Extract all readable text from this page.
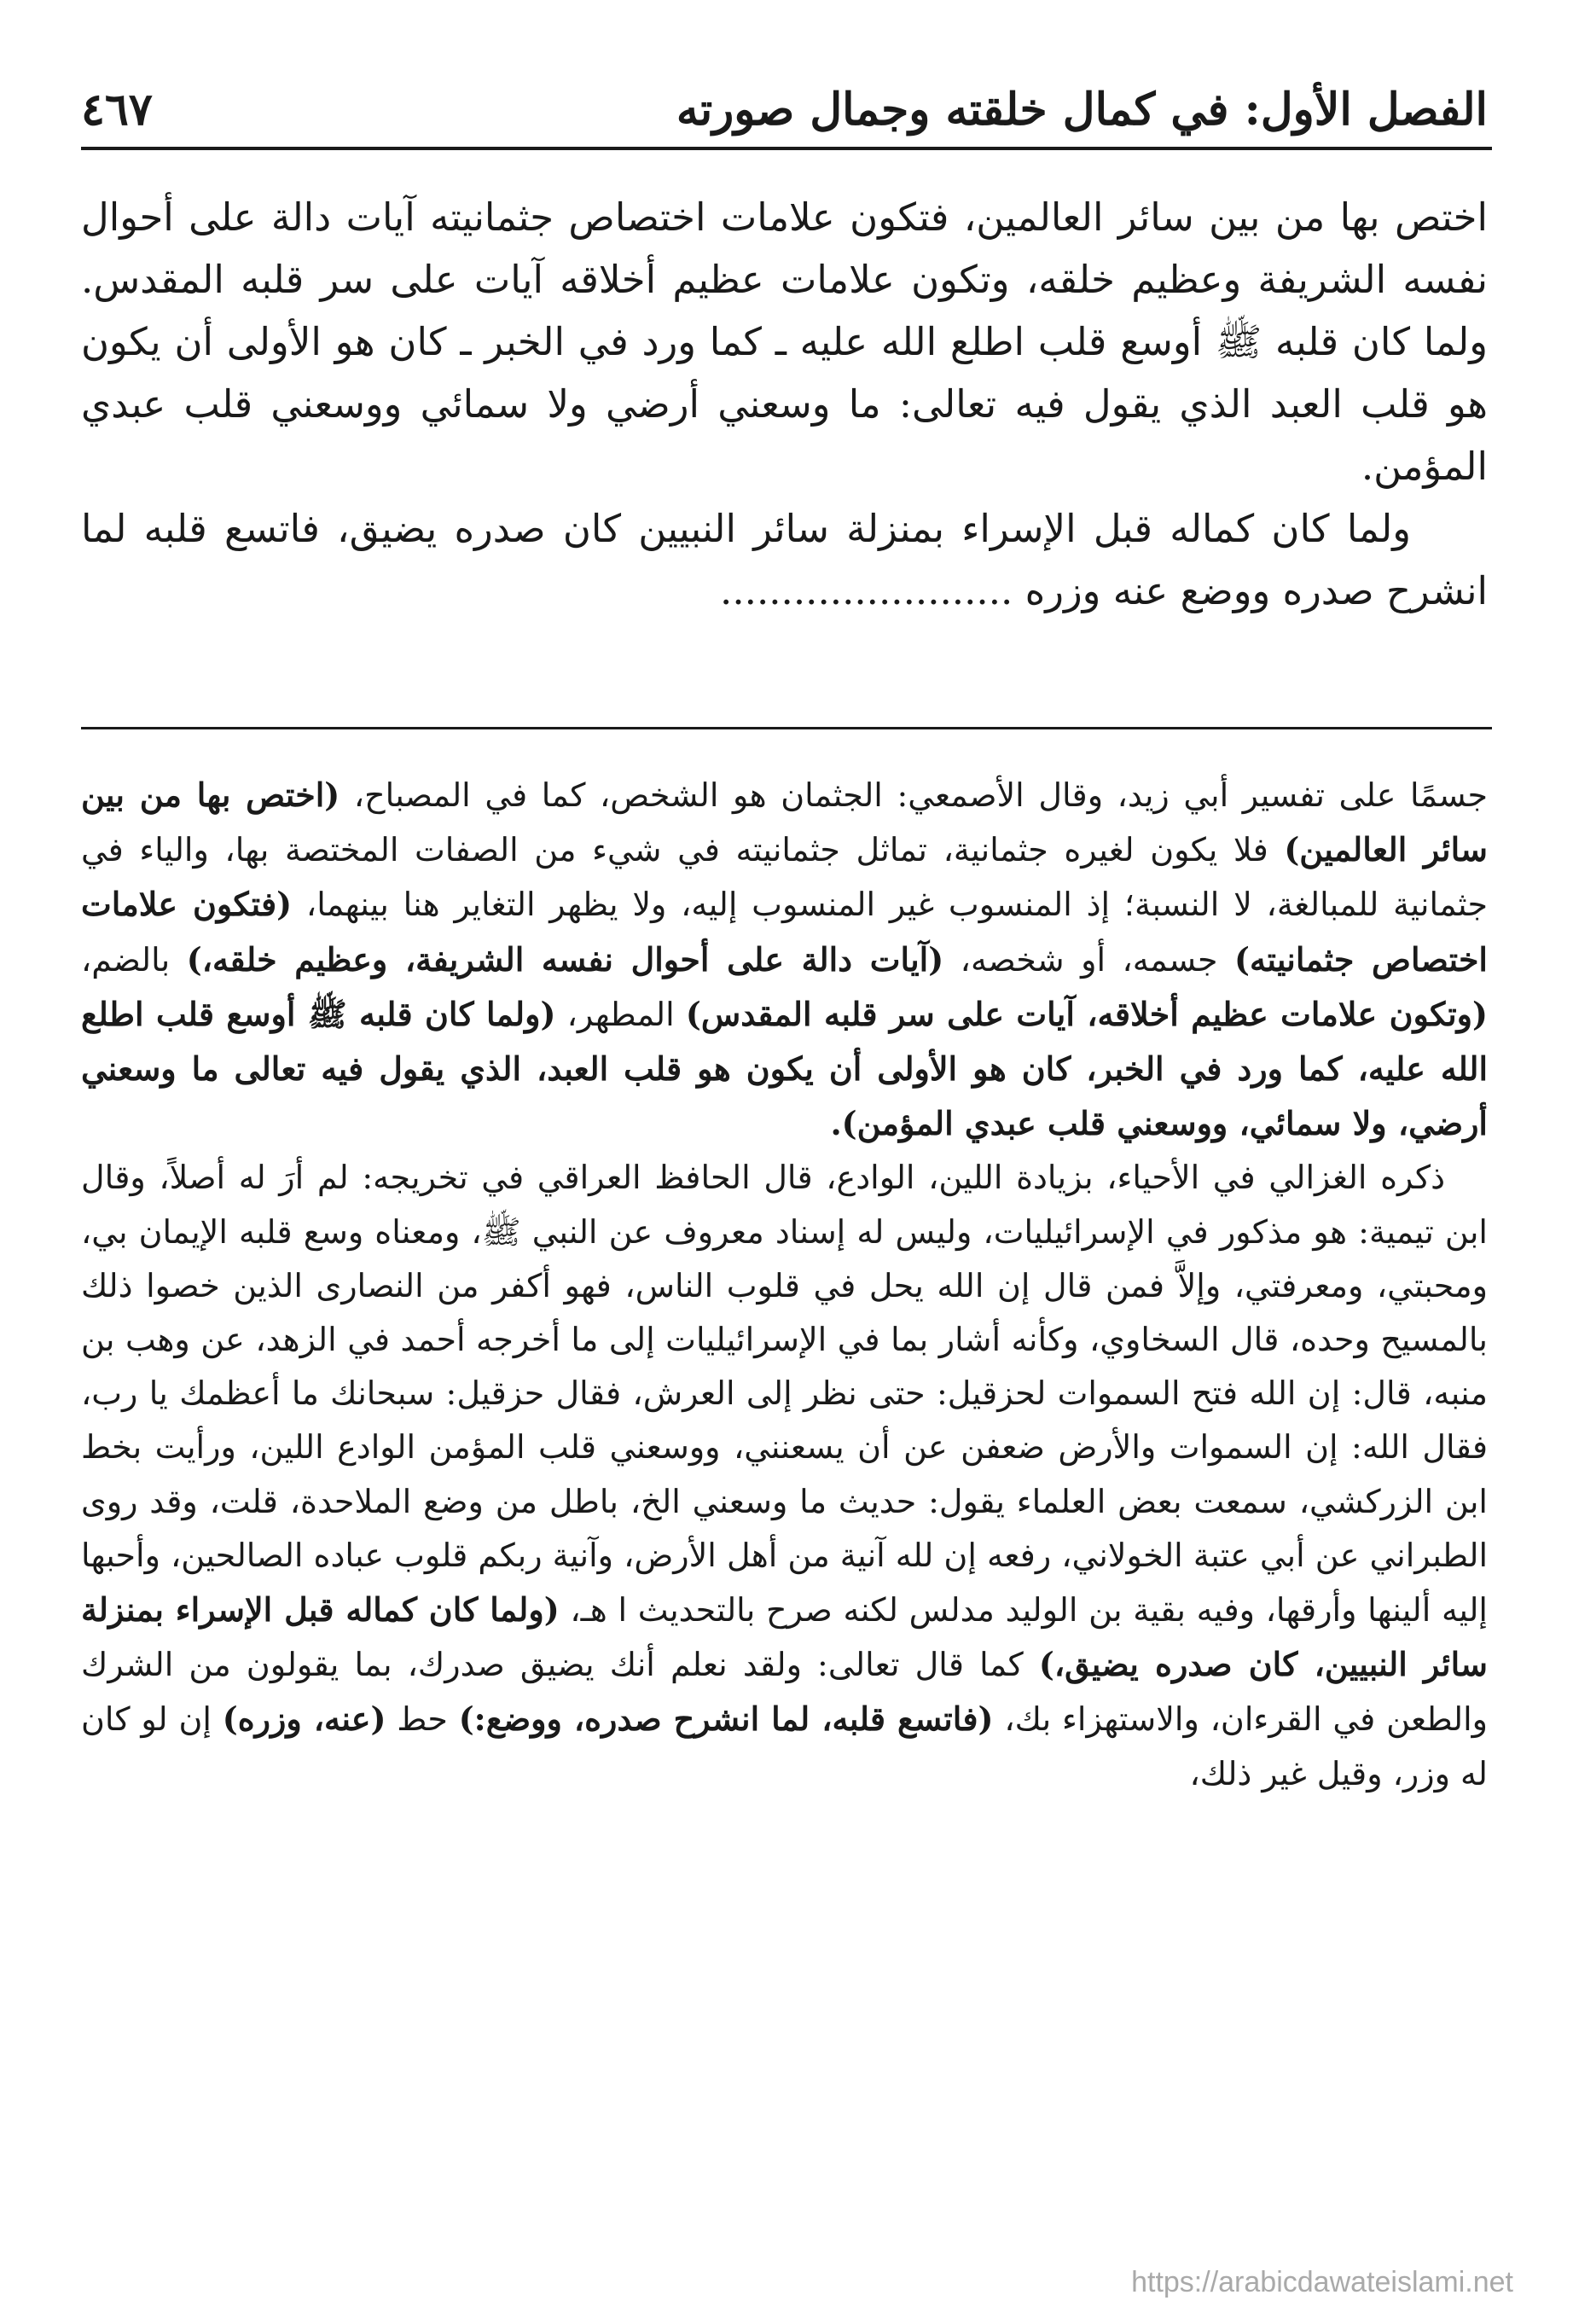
الفصل الأول: في كمال خلقته وجمال صورته
٤٦٧

اختص بها من بين سائر العالمين، فتكون علامات اختصاص جثمانيته آيات دالة على أحوال نفسه الشريفة وعظيم خلقه، وتكون علامات عظيم أخلاقه آيات على سر قلبه المقدس. ولما كان قلبه ﷺ أوسع قلب اطلع الله عليه ـ كما ورد في الخبر ـ كان هو الأولى أن يكون هو قلب العبد الذي يقول فيه تعالى: ما وسعني أرضي ولا سمائي ووسعني قلب عبدي المؤمن.

ولما كان كماله قبل الإسراء بمنزلة سائر النبيين كان صدره يضيق، فاتسع قلبه لما انشرح صدره ووضع عنه وزره ........................

جسمًا على تفسير أبي زيد، وقال الأصمعي: الجثمان هو الشخص، كما في المصباح، (اختص بها من بين سائر العالمين) فلا يكون لغيره جثمانية، تماثل جثمانيته في شيء من الصفات المختصة بها، والياء في جثمانية للمبالغة، لا النسبة؛ إذ المنسوب غير المنسوب إليه، ولا يظهر التغاير هنا بينهما، (فتكون علامات اختصاص جثمانيته) جسمه، أو شخصه، (آيات دالة على أحوال نفسه الشريفة، وعظيم خلقه،) بالضم، (وتكون علامات عظيم أخلاقه، آيات على سر قلبه المقدس) المطهر، (ولما كان قلبه ﷺ أوسع قلب اطلع الله عليه، كما ورد في الخبر، كان هو الأولى أن يكون هو قلب العبد، الذي يقول فيه تعالى ما وسعني أرضي، ولا سمائي، ووسعني قلب عبدي المؤمن).

ذكره الغزالي في الأحياء، بزيادة اللين، الوادع، قال الحافظ العراقي في تخريجه: لم أرَ له أصلاً، وقال ابن تيمية: هو مذكور في الإسرائيليات، وليس له إسناد معروف عن النبي ﷺ، ومعناه وسع قلبه الإيمان بي، ومحبتي، ومعرفتي، وإلاَّ فمن قال إن الله يحل في قلوب الناس، فهو أكفر من النصارى الذين خصوا ذلك بالمسيح وحده، قال السخاوي، وكأنه أشار بما في الإسرائيليات إلى ما أخرجه أحمد في الزهد، عن وهب بن منبه، قال: إن الله فتح السموات لحزقيل: حتى نظر إلى العرش، فقال حزقيل: سبحانك ما أعظمك يا رب، فقال الله: إن السموات والأرض ضعفن عن أن يسعنني، ووسعني قلب المؤمن الوادع اللين، ورأيت بخط ابن الزركشي، سمعت بعض العلماء يقول: حديث ما وسعني الخ، باطل من وضع الملاحدة، قلت، وقد روى الطبراني عن أبي عتبة الخولاني، رفعه إن لله آنية من أهل الأرض، وآنية ربكم قلوب عباده الصالحين، وأحبها إليه ألينها وأرقها، وفيه بقية بن الوليد مدلس لكنه صرح بالتحديث ا هـ، (ولما كان كماله قبل الإسراء بمنزلة سائر النبيين، كان صدره يضيق،) كما قال تعالى: ولقد نعلم أنك يضيق صدرك، بما يقولون من الشرك والطعن في القرءان، والاستهزاء بك، (فاتسع قلبه، لما انشرح صدره، ووضع:) حط (عنه، وزره) إن لو كان له وزر، وقيل غير ذلك،

https://arabicdawateislami.net
